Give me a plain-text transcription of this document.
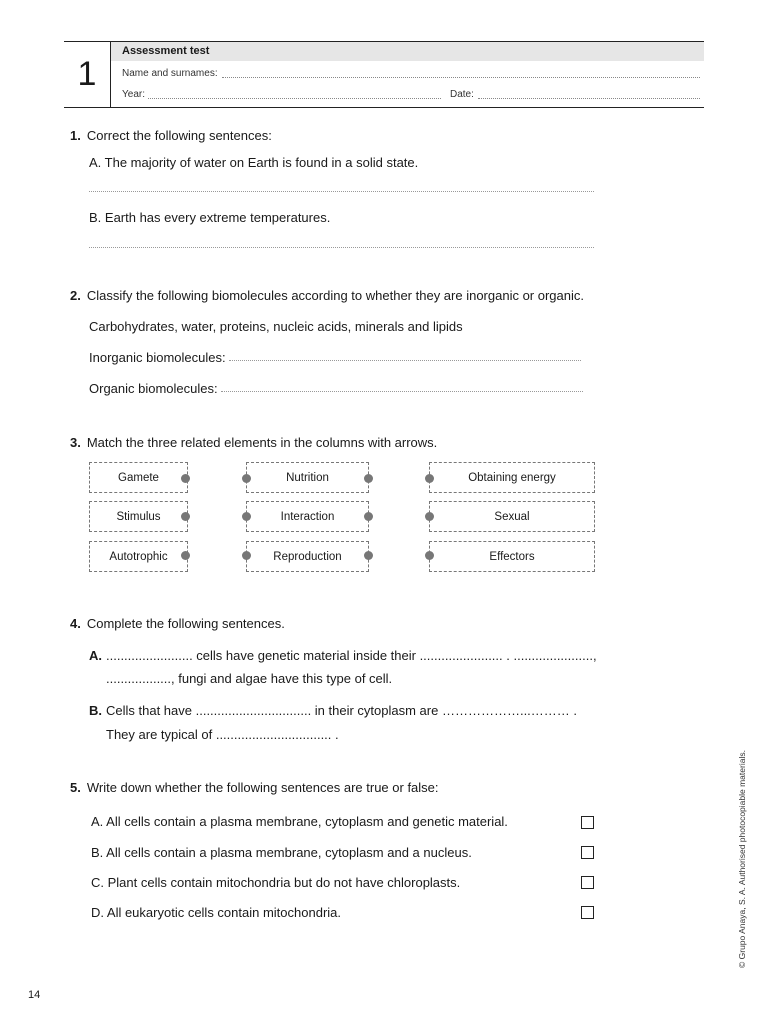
1
Assessment test
Name and surnames:
Year:	Date:
1. Correct the following sentences:
A. The majority of water on Earth is found in a solid state.
B. Earth has every extreme temperatures.
2. Classify the following biomolecules according to whether they are inorganic or organic.
Carbohydrates, water, proteins, nucleic acids, minerals and lipids
Inorganic biomolecules:
Organic biomolecules:
3. Match the three related elements in the columns with arrows.
Gamete
Stimulus
Autotrophic
Nutrition
Interaction
Reproduction
Obtaining energy
Sexual
Effectors
4. Complete the following sentences.
A. ........................ cells have genetic material inside their ....................... . ......................,
.................., fungi and algae have this type of cell.
B. Cells that have ................................ in their cytoplasm are ………………...……… .
They are typical of ................................ .
5. Write down whether the following sentences are true or false:
A. All cells contain a plasma membrane, cytoplasm and genetic material.
B. All cells contain a plasma membrane, cytoplasm and a nucleus.
C. Plant cells contain mitochondria but do not have chloroplasts.
D. All eukaryotic cells contain mitochondria.
14
© Grupo Anaya, S. A. Authorised photocopiable materials.
